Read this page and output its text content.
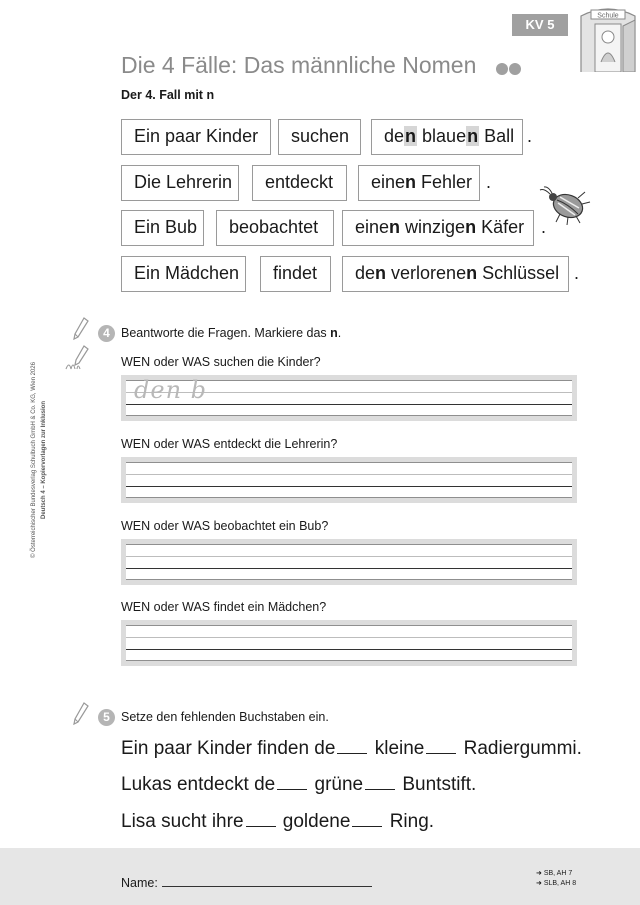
KV 5
Schule
Die 4 Fälle: Das männliche Nomen
Der 4. Fall mit n
Ein paar Kinder	suchen	den blauen Ball .
Die Lehrerin	entdeckt	einen Fehler .
Ein Bub	beobachtet	einen winzigen Käfer .
Ein Mädchen	findet	den verlorenen Schlüssel .
© Österreichischer Bundesverlag Schulbuch GmbH & Co. KG, Wien 2026 Deutsch 4 – Kopiervorlagen zur Inklusion
4 Beantworte die Fragen. Markiere das n.
WEN oder WAS suchen die Kinder?
den b
WEN oder WAS entdeckt die Lehrerin?
WEN oder WAS beobachtet ein Bub?
WEN oder WAS findet ein Mädchen?
5 Setze den fehlenden Buchstaben ein.
Ein paar Kinder finden de kleine Radiergummi.
Lukas entdeckt de grüne Buntstift.
Lisa sucht ihre goldene Ring.
Name:
➜ SB, AH 7
➜ SLB, AH 8
